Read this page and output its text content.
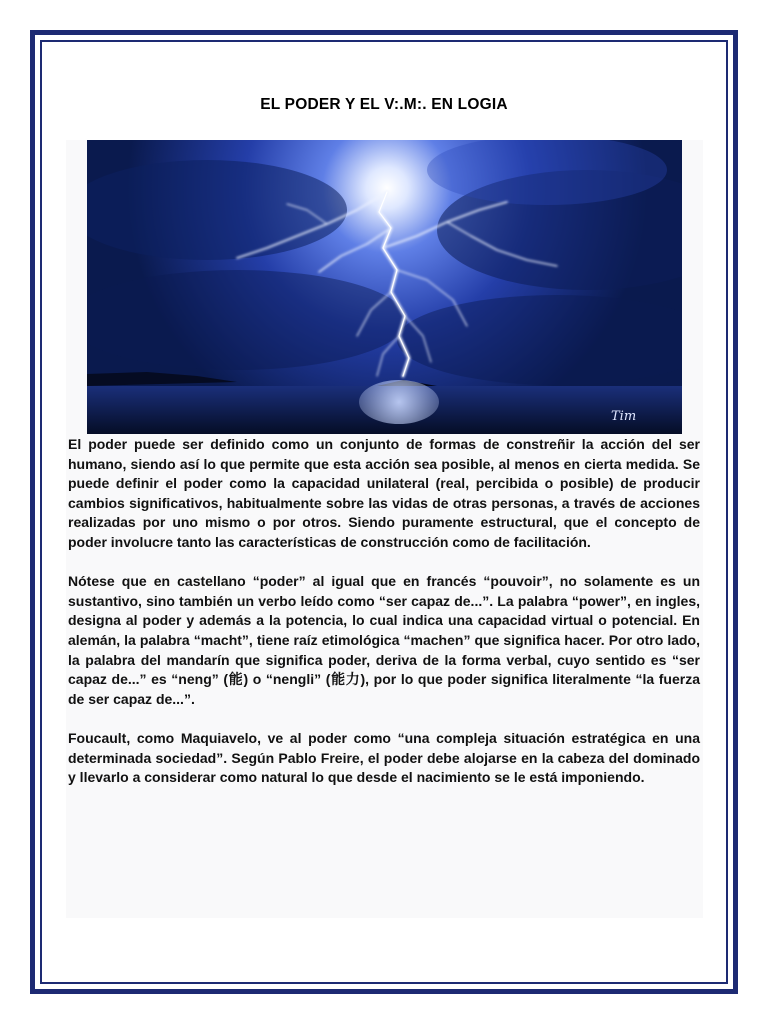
EL PODER Y EL V:.M:. EN LOGIA
Tim

El poder puede ser definido como un conjunto de formas de constreñir la acción del ser humano, siendo así lo que permite que esta acción sea posible, al menos en cierta medida. Se puede definir el poder como la capacidad unilateral (real, percibida o posible) de producir cambios significativos, habitualmente sobre las vidas de otras personas, a través de acciones realizadas por uno mismo o por otros. Siendo puramente estructural, que el concepto de poder involucre tanto las características de construcción como de facilitación.

Nótese que en castellano “poder” al igual que en francés “pouvoir”, no solamente es un sustantivo, sino también un verbo leído como “ser capaz de...”. La palabra “power”, en ingles, designa al poder y además a la potencia, lo cual indica una capacidad virtual o potencial. En alemán, la palabra “macht”, tiene raíz etimológica “machen” que significa hacer. Por otro lado, la palabra del mandarín que significa poder, deriva de la forma verbal, cuyo sentido es “ser capaz de...” es “neng” (能) o “nengli” (能力), por lo que poder significa literalmente “la fuerza de ser capaz de...”.

Foucault, como Maquiavelo, ve al poder como “una compleja situación estratégica en una determinada sociedad”. Según Pablo Freire, el poder debe alojarse en la cabeza del dominado y llevarlo a considerar como natural lo que desde el nacimiento se le está imponiendo.
